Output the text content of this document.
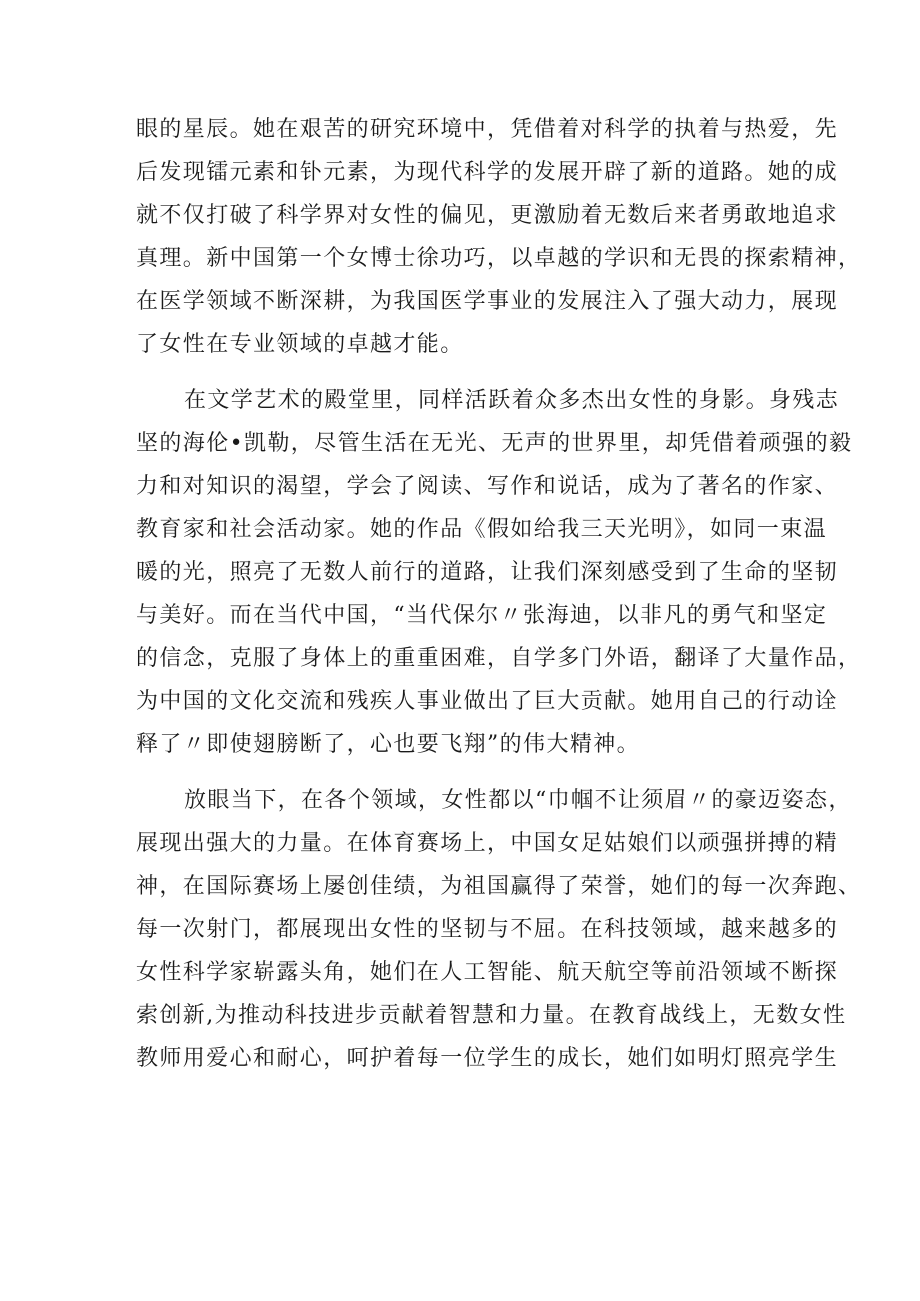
眼的星辰。她在艰苦的研究环境中，凭借着对科学的执着与热爱，先
后发现镭元素和钋元素，为现代科学的发展开辟了新的道路。她的成
就不仅打破了科学界对女性的偏见，更激励着无数后来者勇敢地追求
真理。新中国第一个女博士徐功巧，以卓越的学识和无畏的探索精神，
在医学领域不断深耕，为我国医学事业的发展注入了强大动力，展现
了女性在专业领域的卓越才能。
在文学艺术的殿堂里，同样活跃着众多杰出女性的身影。身残志
坚的海伦•凯勒，尽管生活在无光、无声的世界里，却凭借着顽强的毅
力和对知识的渴望，学会了阅读、写作和说话，成为了著名的作家、
教育家和社会活动家。她的作品《假如给我三天光明》，如同一束温
暖的光，照亮了无数人前行的道路，让我们深刻感受到了生命的坚韧
与美好。而在当代中国，“当代保尔〃张海迪，以非凡的勇气和坚定
的信念，克服了身体上的重重困难，自学多门外语，翻译了大量作品，
为中国的文化交流和残疾人事业做出了巨大贡献。她用自己的行动诠
释了〃即使翅膀断了，心也要飞翔”的伟大精神。
放眼当下，在各个领域，女性都以“巾帼不让须眉〃的豪迈姿态，
展现出强大的力量。在体育赛场上，中国女足姑娘们以顽强拼搏的精
神，在国际赛场上屡创佳绩，为祖国赢得了荣誉，她们的每一次奔跑、
每一次射门，都展现出女性的坚韧与不屈。在科技领域，越来越多的
女性科学家崭露头角，她们在人工智能、航天航空等前沿领域不断探
索创新,为推动科技进步贡献着智慧和力量。在教育战线上，无数女性
教师用爱心和耐心，呵护着每一位学生的成长，她们如明灯照亮学生
